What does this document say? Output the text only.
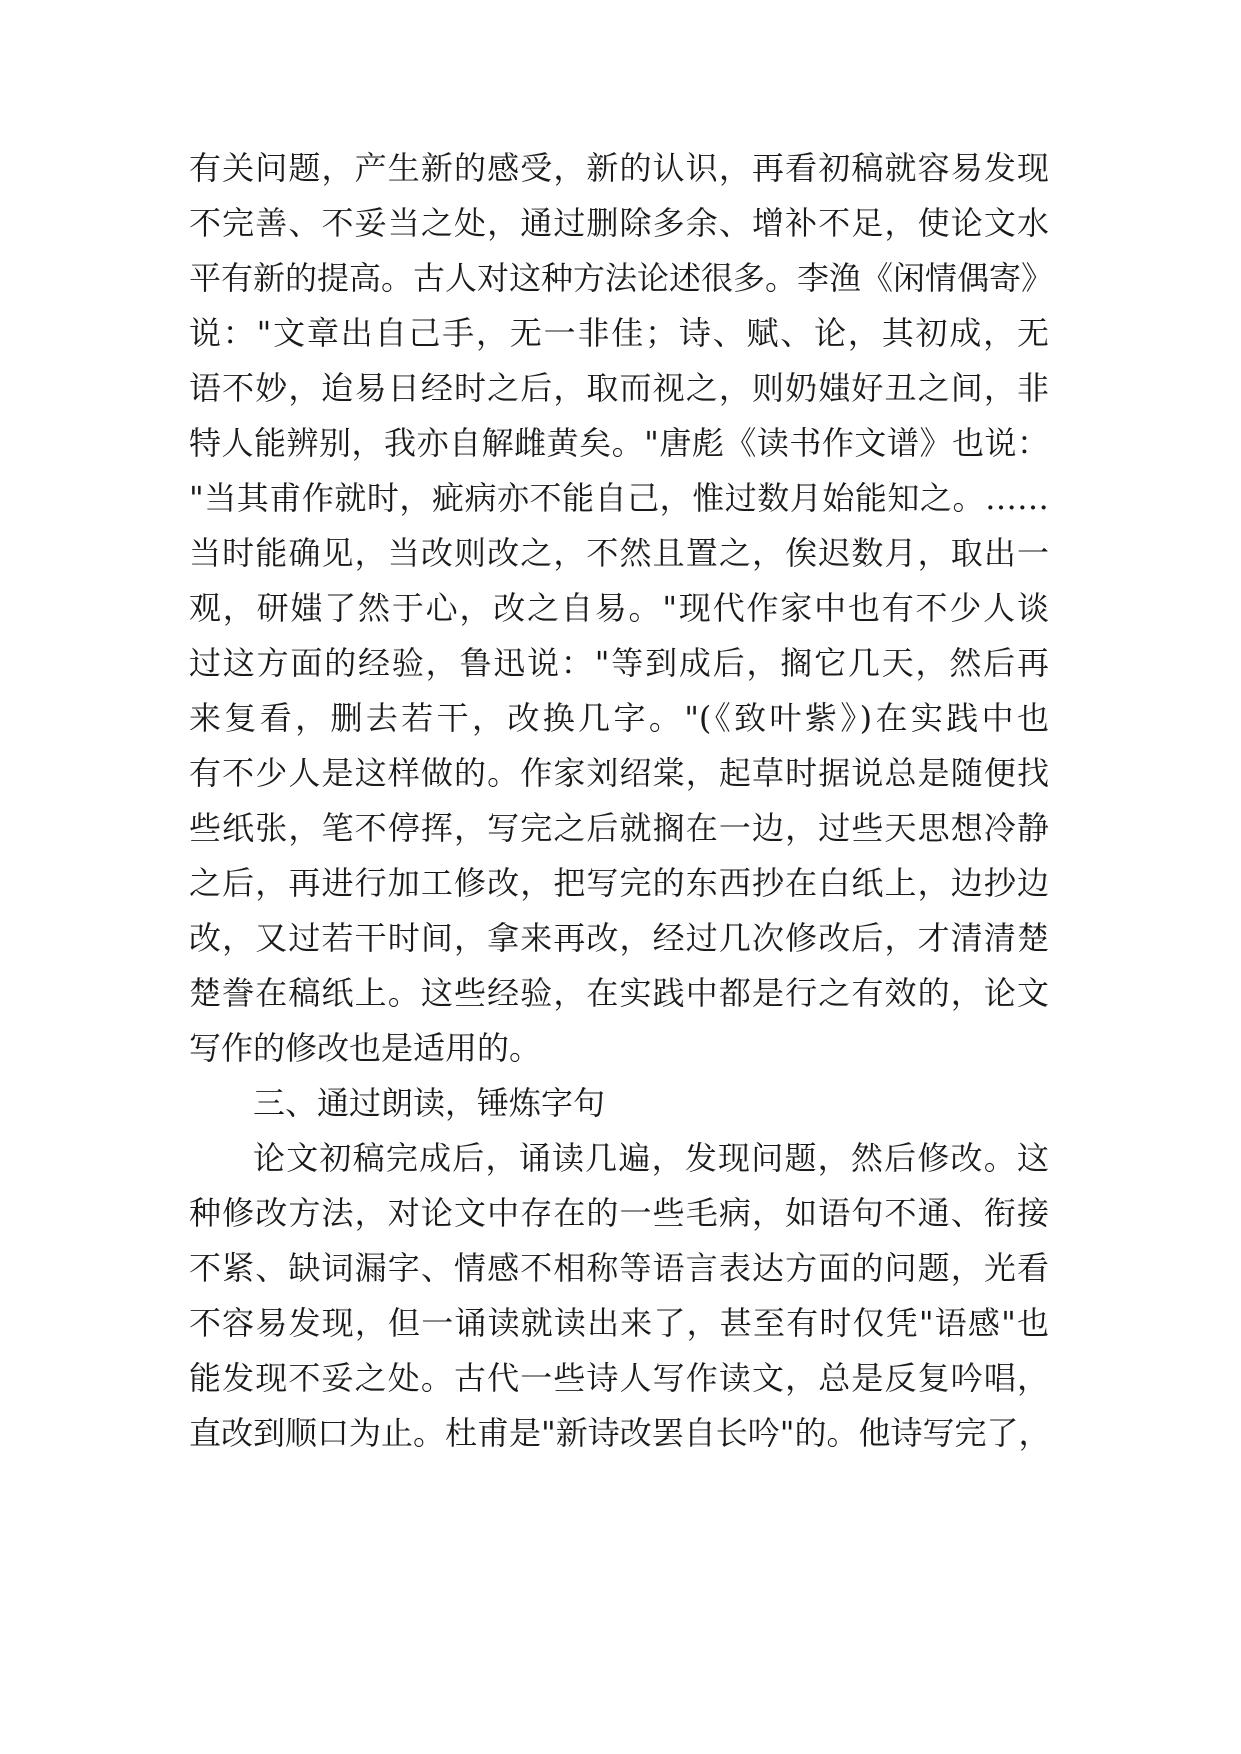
有关问题，产生新的感受，新的认识，再看初稿就容易发现
不完善、不妥当之处，通过删除多余、增补不足，使论文水
平有新的提高。古人对这种方法论述很多。李渔《闲情偶寄》
说："文章出自己手，无一非佳；诗、赋、论，其初成，无
语不妙，迨易日经时之后，取而视之，则奶媸好丑之间，非
特人能辨别，我亦自解雌黄矣。"唐彪《读书作文谱》也说：
"当其甫作就时，疵病亦不能自己，惟过数月始能知之。……
当时能确见，当改则改之，不然且置之，俟迟数月，取出一
观，研媸了然于心，改之自易。"现代作家中也有不少人谈
过这方面的经验，鲁迅说："等到成后，搁它几天，然后再
来复看，删去若干，改换几字。"(《致叶紫》)在实践中也
有不少人是这样做的。作家刘绍棠，起草时据说总是随便找
些纸张，笔不停挥，写完之后就搁在一边，过些天思想冷静
之后，再进行加工修改，把写完的东西抄在白纸上，边抄边
改，又过若干时间，拿来再改，经过几次修改后，才清清楚
楚誊在稿纸上。这些经验，在实践中都是行之有效的，论文
写作的修改也是适用的。
三、通过朗读，锤炼字句
论文初稿完成后，诵读几遍，发现问题，然后修改。这
种修改方法，对论文中存在的一些毛病，如语句不通、衔接
不紧、缺词漏字、情感不相称等语言表达方面的问题，光看
不容易发现，但一诵读就读出来了，甚至有时仅凭"语感"也
能发现不妥之处。古代一些诗人写作读文，总是反复吟唱，
直改到顺口为止。杜甫是"新诗改罢自长吟"的。他诗写完了，
